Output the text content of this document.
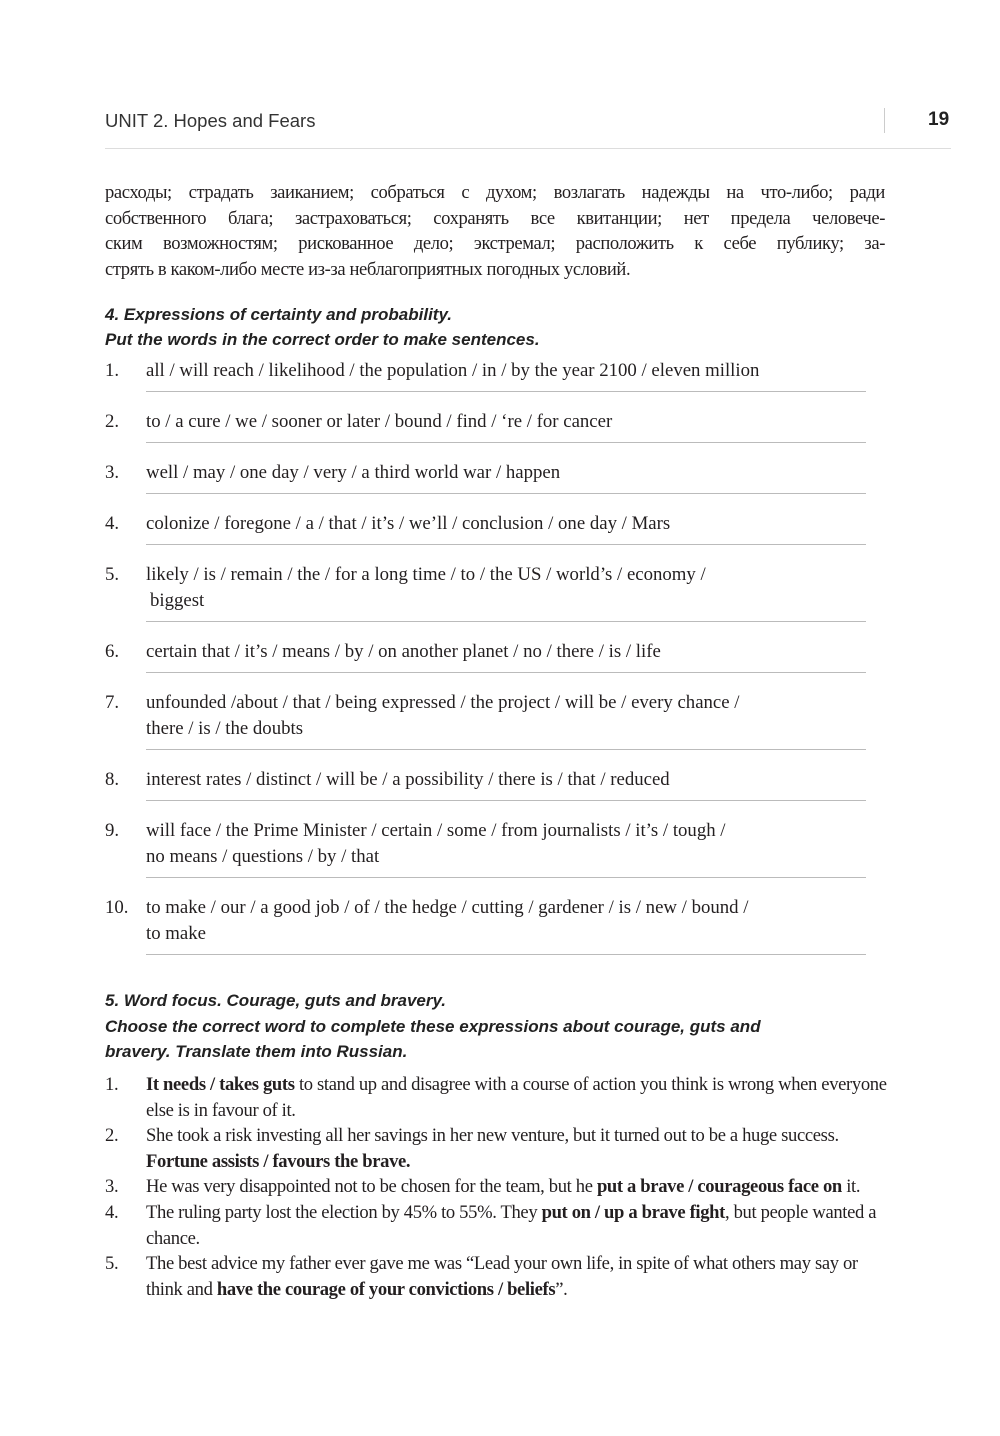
UNIT 2. Hopes and Fears	19
расходы; страдать заиканием; собраться с духом; возлагать надежды на что-либо; ради
собственного блага; застраховаться; сохранять все квитанции; нет предела человече-
ским возможностям; рискованное дело; экстремал; расположить к себе публику; за-
стрять в каком-либо месте из-за неблагоприятных погодных условий.
4. Expressions of certainty and probability.
Put the words in the correct order to make sentences.
1.	all / will reach / likelihood / the population / in / by the year 2100 / eleven million
2.	to / a cure / we / sooner or later / bound / find / ‘re / for cancer
3.	well / may / one day / very / a third world war / happen
4.	colonize / foregone / a / that / it’s / we’ll / conclusion / one day / Mars
5.	likely / is / remain / the / for a long time / to / the US / world’s / economy /
biggest
6.	certain that / it’s / means / by / on another planet / no / there / is / life
7.	unfounded /about / that / being expressed / the project / will be / every chance /
there / is / the doubts
8.	interest rates / distinct / will be / a possibility / there is / that / reduced
9.	will face / the Prime Minister / certain / some / from journalists / it’s / tough /
no means / questions / by / that
10. to make / our / a good job / of / the hedge / cutting / gardener / is / new / bound /
to make
5. Word focus. Courage, guts and bravery.
Choose the correct word to complete these expressions about courage, guts and
bravery. Translate them into Russian.
1.	It needs / takes guts to stand up and disagree with a course of action you think is wrong when everyone else is in favour of it.
2.	She took a risk investing all her savings in her new venture, but it turned out to be a huge success. Fortune assists / favours the brave.
3.	He was very disappointed not to be chosen for the team, but he put a brave / courageous face on it.
4.	The ruling party lost the election by 45% to 55%. They put on / up a brave fight, but people wanted a chance.
5.	The best advice my father ever gave me was “Lead your own life, in spite of what others may say or think and have the courage of your convictions / beliefs”.
